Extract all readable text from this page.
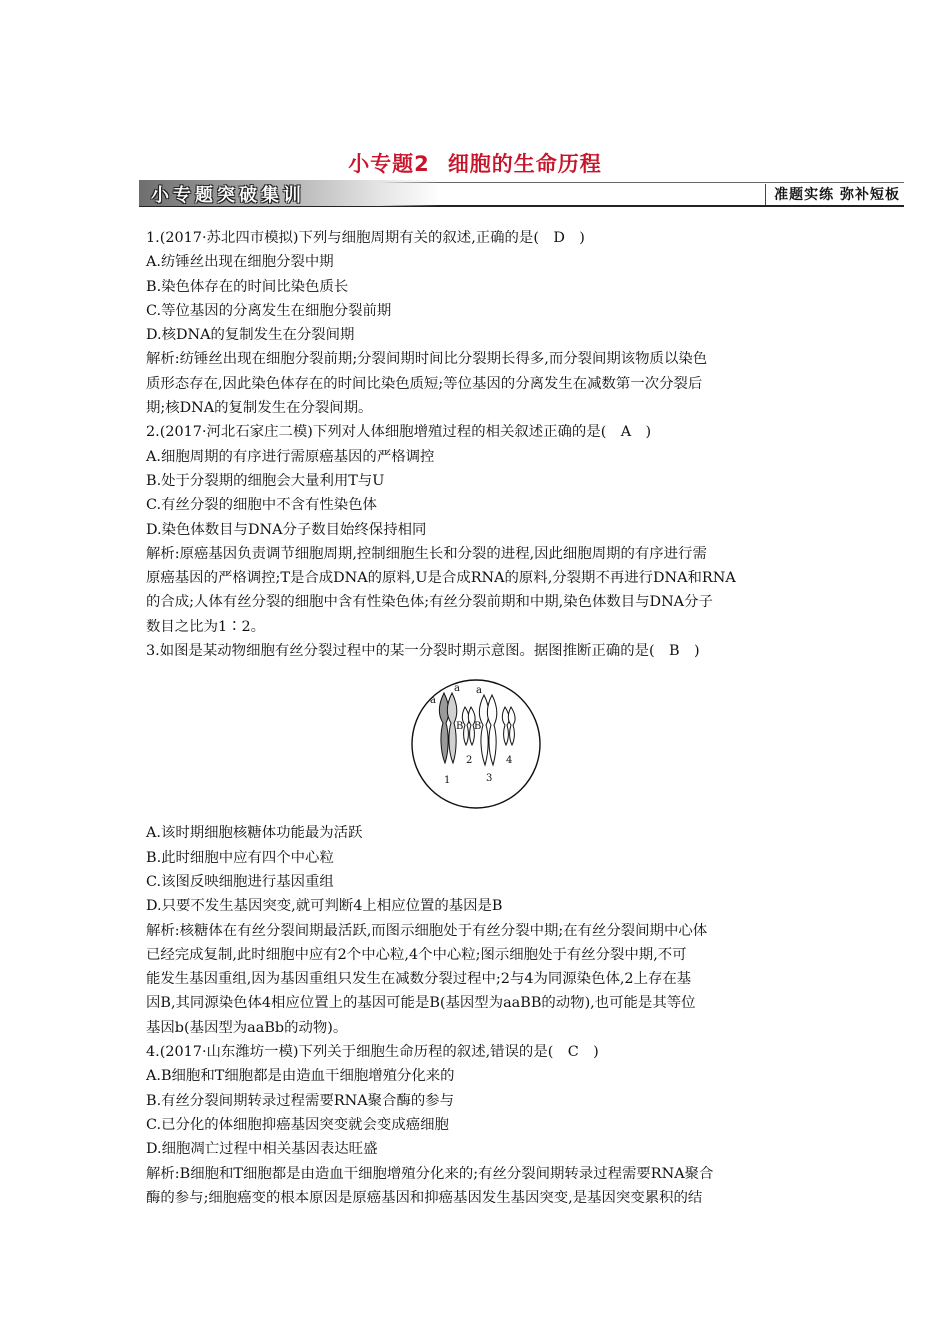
小专题2 细胞的生命历程
小专题突破集训	准题实练 弥补短板
1.(2017·苏北四市模拟)下列与细胞周期有关的叙述,正确的是(　D　)
A.纺锤丝出现在细胞分裂中期
B.染色体存在的时间比染色质长
C.等位基因的分离发生在细胞分裂前期
D.核DNA的复制发生在分裂间期
解析:纺锤丝出现在细胞分裂前期;分裂间期时间比分裂期长得多,而分裂间期该物质以染色
质形态存在,因此染色体存在的时间比染色质短;等位基因的分离发生在减数第一次分裂后
期;核DNA的复制发生在分裂间期。
2.(2017·河北石家庄二模)下列对人体细胞增殖过程的相关叙述正确的是(　A　)
A.细胞周期的有序进行需原癌基因的严格调控
B.处于分裂期的细胞会大量利用T与U
C.有丝分裂的细胞中不含有性染色体
D.染色体数目与DNA分子数目始终保持相同
解析:原癌基因负责调节细胞周期,控制细胞生长和分裂的进程,因此细胞周期的有序进行需
原癌基因的严格调控;T是合成DNA的原料,U是合成RNA的原料,分裂期不再进行DNA和RNA
的合成;人体有丝分裂的细胞中含有性染色体;有丝分裂前期和中期,染色体数目与DNA分子
数目之比为1∶2。
3.如图是某动物细胞有丝分裂过程中的某一分裂时期示意图。据图推断正确的是(　B　)
a
a a
B B
1
2
3
4
A.该时期细胞核糖体功能最为活跃
B.此时细胞中应有四个中心粒
C.该图反映细胞进行基因重组
D.只要不发生基因突变,就可判断4上相应位置的基因是B
解析:核糖体在有丝分裂间期最活跃,而图示细胞处于有丝分裂中期;在有丝分裂间期中心体
已经完成复制,此时细胞中应有2个中心粒,4个中心粒;图示细胞处于有丝分裂中期,不可
能发生基因重组,因为基因重组只发生在减数分裂过程中;2与4为同源染色体,2上存在基
因B,其同源染色体4相应位置上的基因可能是B(基因型为aaBB的动物),也可能是其等位
基因b(基因型为aaBb的动物)。
4.(2017·山东潍坊一模)下列关于细胞生命历程的叙述,错误的是(　C　)
A.B细胞和T细胞都是由造血干细胞增殖分化来的
B.有丝分裂间期转录过程需要RNA聚合酶的参与
C.已分化的体细胞抑癌基因突变就会变成癌细胞
D.细胞凋亡过程中相关基因表达旺盛
解析:B细胞和T细胞都是由造血干细胞增殖分化来的;有丝分裂间期转录过程需要RNA聚合
酶的参与;细胞癌变的根本原因是原癌基因和抑癌基因发生基因突变,是基因突变累积的结
